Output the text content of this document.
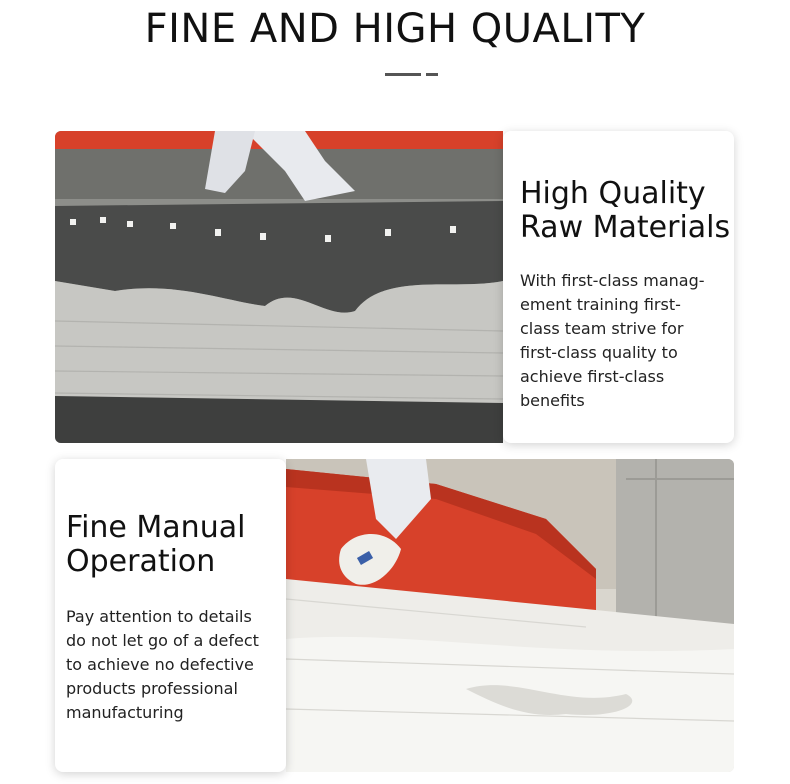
FINE AND HIGH QUALITY
High Quality
Raw Materials

With first-class manag-
ement training first-
class team strive for
first-class quality to
achieve first-class
benefits

Fine Manual
Operation

Pay attention to details
do not let go of a defect
to achieve no defective
products professional
manufacturing
